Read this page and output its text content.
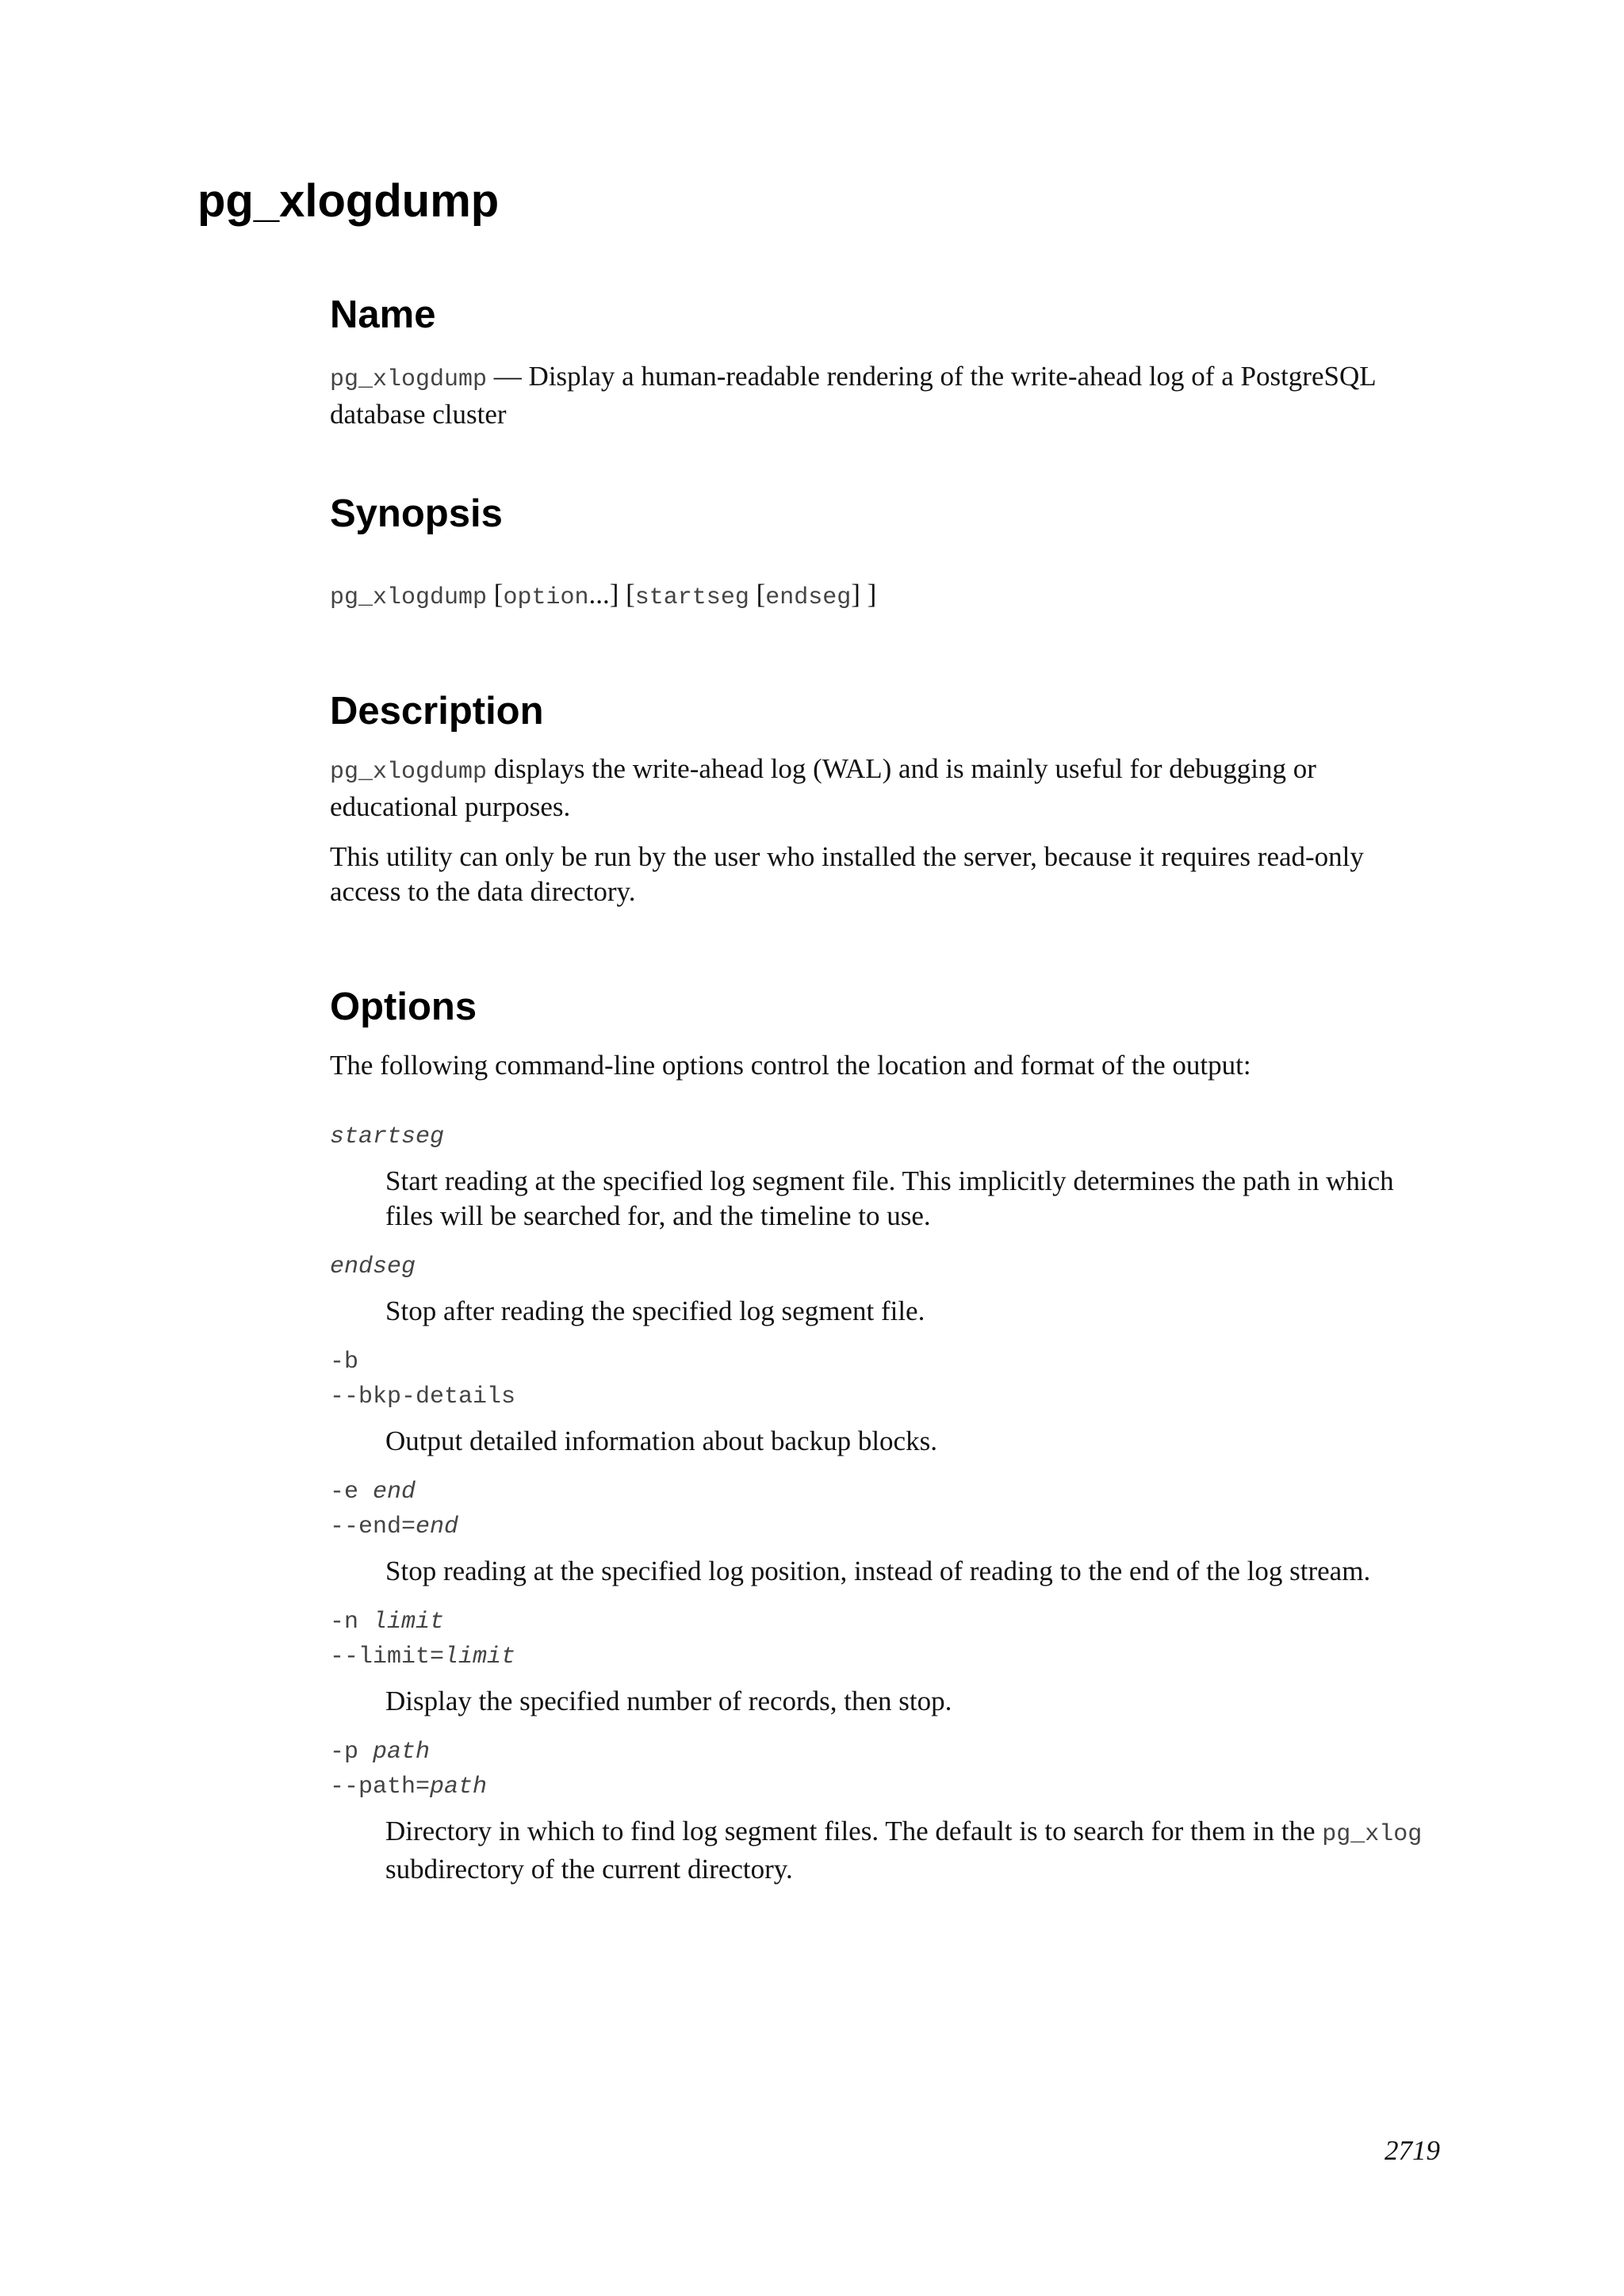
pg_xlogdump
Name

pg_xlogdump — Display a human-readable rendering of the write-ahead log of a PostgreSQL database cluster

Synopsis

pg_xlogdump [option...] [startseg [endseg] ]

Description

pg_xlogdump displays the write-ahead log (WAL) and is mainly useful for debugging or educational purposes.

This utility can only be run by the user who installed the server, because it requires read-only access to the data directory.

Options

The following command-line options control the location and format of the output:

startseg

Start reading at the specified log segment file. This implicitly determines the path in which files will be searched for, and the timeline to use.

endseg

Stop after reading the specified log segment file.

-b
--bkp-details

Output detailed information about backup blocks.

-e end
--end=end

Stop reading at the specified log position, instead of reading to the end of the log stream.

-n limit
--limit=limit

Display the specified number of records, then stop.

-p path
--path=path

Directory in which to find log segment files. The default is to search for them in the pg_xlog subdirectory of the current directory.

2719
